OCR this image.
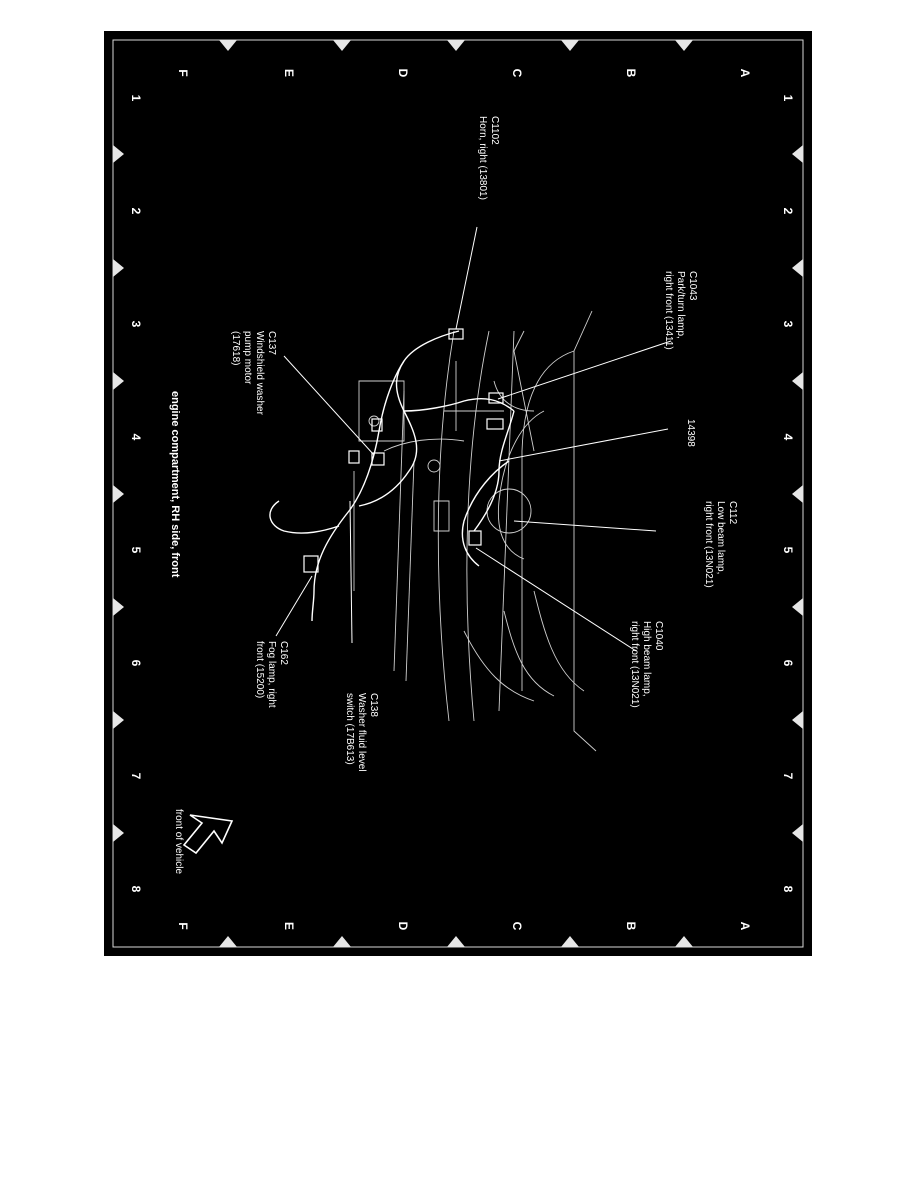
A
B
C
D
E
F
A
B
C
D
E
F
1
2
3
4
5
6
7
8
1
2
3
4
5
6
7
8
C1102
Horn, right (13801)
C1043
Park/turn lamp,
right front (13411)
C137
Windshield washer
pump motor
(17618)
14398
C112
Low beam lamp,
right front (13N021)
C1040
High beam lamp,
right front (13N021)
C138
Washer fluid level
switch (17B613)
C162
Fog lamp, right
front (15200)
engine compartment, RH side, front
front of vehicle
